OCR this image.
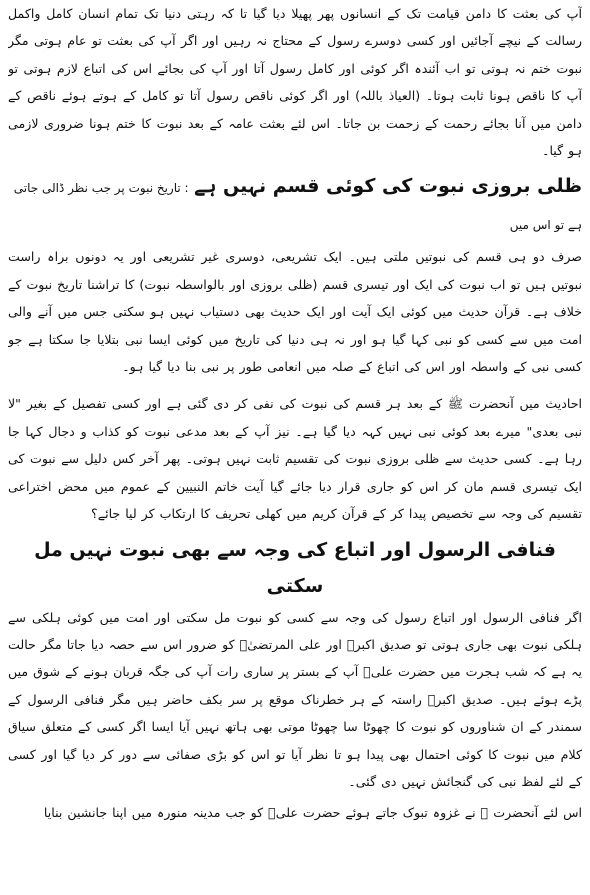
آپ کی بعثت کا دامن قیامت تک کے انسانوں پھر پھیلا دیا گیا تا کہ رہتی دنیا تک تمام انسان کامل واکمل رسالت کے نیچے آجائیں اور کسی دوسرے رسول کے محتاج نہ رہیں اور اگر آپ کی بعثت تو عام ہوتی مگر نبوت ختم نہ ہوتی تو اب آئندہ اگر کوئی اور کامل رسول آتا اور آپ کی بجائے اس کی اتباع لازم ہوتی تو آپ کا ناقص ہونا ثابت ہوتا۔ (العیاذ باللہ) اور اگر کوئی ناقص رسول آتا تو کامل کے ہوتے ہوئے ناقص کے دامن میں آنا بجائے رحمت کے زحمت بن جاتا۔ اس لئے بعثت عامہ کے بعد نبوت کا ختم ہونا ضروری لازمی ہو گیا۔

ظلی بروزی نبوت کی کوئی قسم نہیں ہے : تاریخ نبوت پر جب نظر ڈالی جاتی ہے تو اس میں

صرف دو ہی قسم کی نبوتیں ملتی ہیں۔ ایک تشریعی، دوسری غیر تشریعی اور یہ دونوں براہ راست نبوتیں ہیں تو اب نبوت کی ایک اور تیسری قسم (ظلی بروزی اور بالواسطہ نبوت) کا تراشنا تاریخ نبوت کے خلاف ہے۔ قرآن حدیث میں کوئی ایک آیت اور ایک حدیث بھی دستیاب نہیں ہو سکتی جس میں آنے والی امت میں سے کسی کو نبی کہا گیا ہو اور نہ ہی دنیا کی تاریخ میں کوئی ایسا نبی بتلایا جا سکتا ہے جو کسی نبی کے واسطہ اور اس کی اتباع کے صلہ میں انعامی طور پر نبی بنا دیا گیا ہو۔

احادیث میں آنحضرت ﷺ کے بعد ہر قسم کی نبوت کی نفی کر دی گئی ہے اور کسی تفصیل کے بغیر "لا نبی بعدی" میرے بعد کوئی نبی نہیں کہہ دیا گیا ہے۔ نیز آپ کے بعد مدعی نبوت کو کذاب و دجال کہا جا رہا ہے۔ کسی حدیث سے ظلی بروزی نبوت کی تقسیم ثابت نہیں ہوتی۔ پھر آخر کس دلیل سے نبوت کی ایک تیسری قسم مان کر اس کو جاری قرار دیا جائے گیا آیت خاتم النبیین کے عموم میں محض اختراعی تقسیم کی وجہ سے تخصیص پیدا کر کے قرآن کریم میں کھلی تحریف کا ارتکاب کر لیا جائے؟

فنافی الرسول اور اتباع کی وجہ سے بھی نبوت نہیں مل سکتی

اگر فنافی الرسول اور اتباع رسول کی وجہ سے کسی کو نبوت مل سکتی اور امت میں کوئی ہلکی سے ہلکی نبوت بھی جاری ہوتی تو صدیق اکبرؓ اور علی المرتضیٰؓ کو ضرور اس سے حصہ دیا جاتا مگر حالت یہ ہے کہ شب ہجرت میں حضرت علیؓ آپ کے بستر پر ساری رات آپ کی جگہ قربان ہونے کے شوق میں پڑے ہوئے ہیں۔ صدیق اکبرؓ راستہ کے ہر خطرناک موقع پر سر بکف حاضر ہیں مگر فنافی الرسول کے سمندر کے ان شناوروں کو نبوت کا چھوٹا سا چھوٹا موتی بھی ہاتھ نہیں آیا ایسا اگر کسی کے متعلق سیاق کلام میں نبوت کا کوئی احتمال بھی پیدا ہو تا نظر آیا تو اس کو بڑی صفائی سے دور کر دیا گیا اور کسی کے لئے لفظ نبی کی گنجائش نہیں دی گئی۔

اس لئے آنحضرت ﷺ نے غزوہ تبوک جاتے ہوئے حضرت علیؓ کو جب مدینہ منورہ میں اپنا جانشین بنایا
